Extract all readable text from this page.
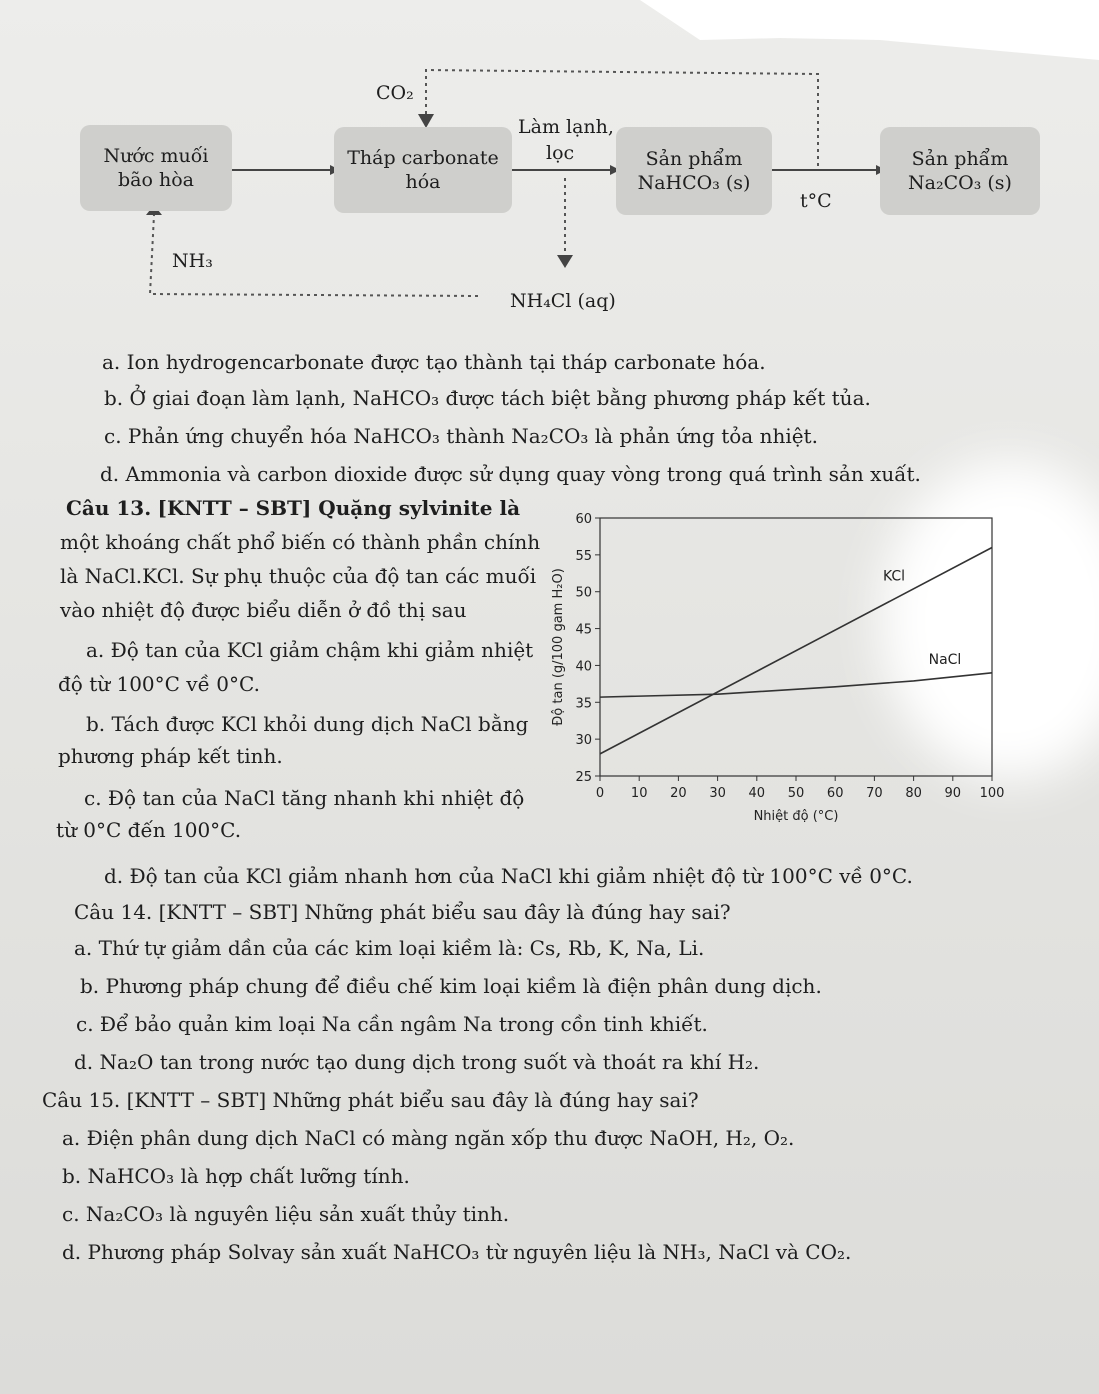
CO₂
Nước muối
bão hòa
Tháp carbonate
hóa
Sản phẩm
NaHCO₃ (s)
Sản phẩm
Na₂CO₃ (s)
Làm lạnh,
lọc
t°C
NH₃
NH₄Cl (aq)
a. Ion hydrogencarbonate được tạo thành tại tháp carbonate hóa.
b. Ở giai đoạn làm lạnh, NaHCO₃ được tách biệt bằng phương pháp kết tủa.
c. Phản ứng chuyển hóa NaHCO₃ thành Na₂CO₃ là phản ứng tỏa nhiệt.
d. Ammonia và carbon dioxide được sử dụng quay vòng trong quá trình sản xuất.
Câu 13. [KNTT – SBT] Quặng sylvinite là
một khoáng chất phổ biến có thành phần chính
là NaCl.KCl. Sự phụ thuộc của độ tan các muối
vào nhiệt độ được biểu diễn ở đồ thị sau
a. Độ tan của KCl giảm chậm khi giảm nhiệt
độ từ 100°C về 0°C.
b. Tách được KCl khỏi dung dịch NaCl bằng
phương pháp kết tinh.
c. Độ tan của NaCl tăng nhanh khi nhiệt độ
từ 0°C đến 100°C.
d. Độ tan của KCl giảm nhanh hơn của NaCl khi giảm nhiệt độ từ 100°C về 0°C.
25
30
35
40
45
50
55
60
0 10 20 30 40 50 60 70 80 90 100
Nhiệt độ (°C)
Độ tan (g/100 gam H₂O)	KCl
NaCl
Câu 14. [KNTT – SBT] Những phát biểu sau đây là đúng hay sai?
a. Thứ tự giảm dần của các kim loại kiềm là: Cs, Rb, K, Na, Li.
b. Phương pháp chung để điều chế kim loại kiềm là điện phân dung dịch.
c. Để bảo quản kim loại Na cần ngâm Na trong cồn tinh khiết.
d. Na₂O tan trong nước tạo dung dịch trong suốt và thoát ra khí H₂.
Câu 15. [KNTT – SBT] Những phát biểu sau đây là đúng hay sai?
a. Điện phân dung dịch NaCl có màng ngăn xốp thu được NaOH, H₂, O₂.
b. NaHCO₃ là hợp chất lưỡng tính.
c. Na₂CO₃ là nguyên liệu sản xuất thủy tinh.
d. Phương pháp Solvay sản xuất NaHCO₃ từ nguyên liệu là NH₃, NaCl và CO₂.
